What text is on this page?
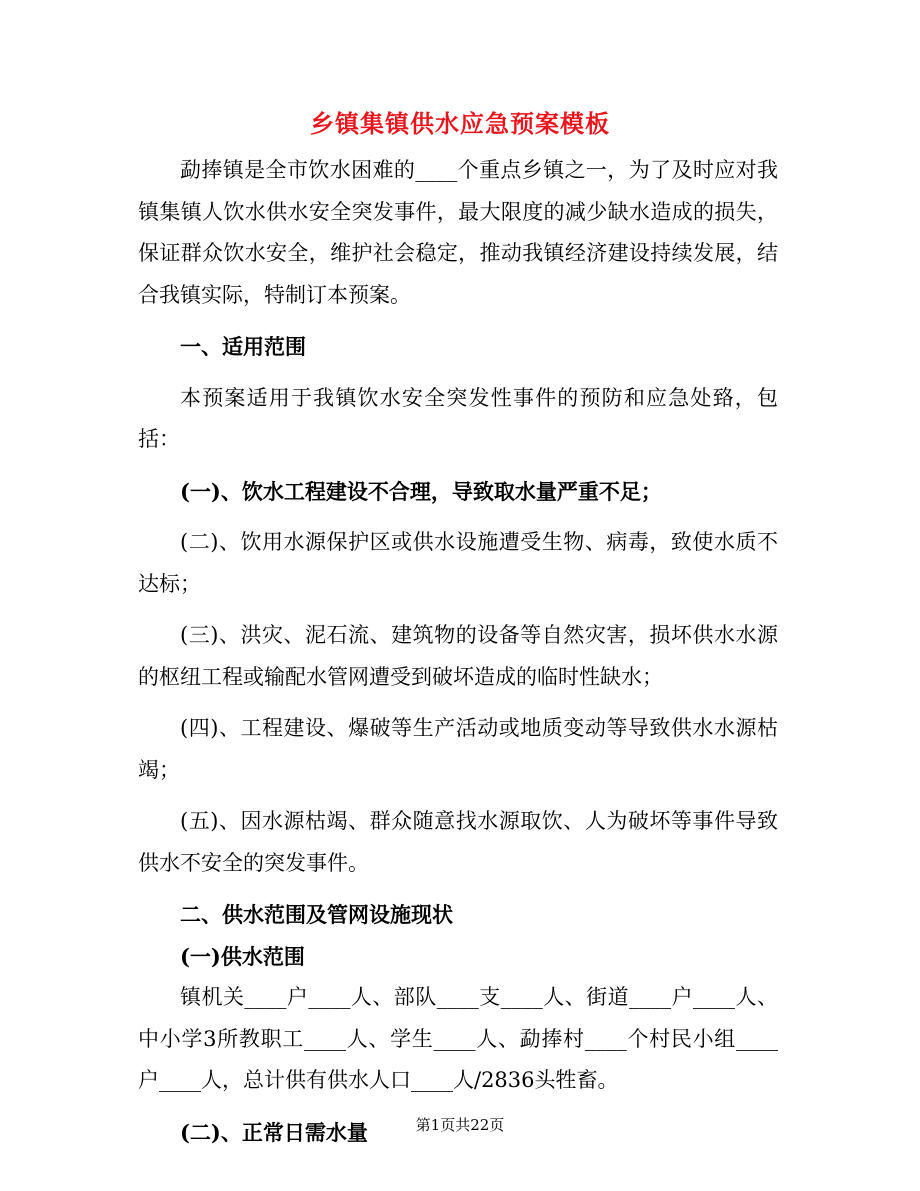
乡镇集镇供水应急预案模板

勐捧镇是全市饮水困难的____个重点乡镇之一，为了及时应对我镇集镇人饮水供水安全突发事件，最大限度的减少缺水造成的损失，保证群众饮水安全，维护社会稳定，推动我镇经济建设持续发展，结合我镇实际，特制订本预案。

一、适用范围

本预案适用于我镇饮水安全突发性事件的预防和应急处臵，包括：

(一)、饮水工程建设不合理，导致取水量严重不足；

(二)、饮用水源保护区或供水设施遭受生物、病毒，致使水质不达标；

(三)、洪灾、泥石流、建筑物的设备等自然灾害，损坏供水水源的枢纽工程或输配水管网遭受到破坏造成的临时性缺水；

(四)、工程建设、爆破等生产活动或地质变动等导致供水水源枯竭；

(五)、因水源枯竭、群众随意找水源取饮、人为破坏等事件导致供水不安全的突发事件。

二、供水范围及管网设施现状

(一)供水范围

镇机关____户____人、部队____支____人、街道____户____人、中小学3所教职工____人、学生____人、勐捧村____个村民小组____户____人，总计供有供水人口____人/2836头牲畜。

(二)、正常日需水量	第1页共22页
